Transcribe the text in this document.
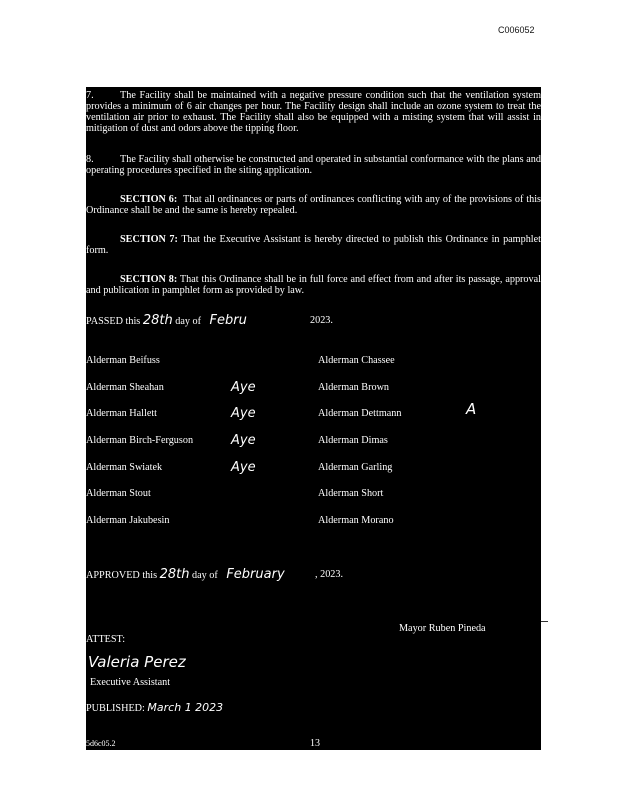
C006052
7.	The Facility shall be maintained with a negative pressure condition such that the ventilation system provides a minimum of 6 air changes per hour. The Facility design shall include an ozone system to treat the ventilation air prior to exhaust. The Facility shall also be equipped with a misting system that will assist in mitigation of dust and odors above the tipping floor.
8.	The Facility shall otherwise be constructed and operated in substantial conformance with the plans and operating procedures specified in the siting application.
SECTION 6: That all ordinances or parts of ordinances conflicting with any of the provisions of this Ordinance shall be and the same is hereby repealed.
SECTION 7: That the Executive Assistant is hereby directed to publish this Ordinance in pamphlet form.
SECTION 8: That this Ordinance shall be in full force and effect from and after its passage, approval and publication in pamphlet form as provided by law.
PASSED this 28th day of Febru	2023.
Alderman Beifuss	Alderman Chassee
Alderman Sheahan	Aye	Alderman Brown
Alderman Hallett	Aye	Alderman Dettmann	A
Alderman Birch-Ferguson	Aye	Alderman Dimas
Alderman Swiatek	Aye	Alderman Garling
Alderman Stout	Alderman Short
Alderman Jakubesin	Alderman Morano
APPROVED this 28th day of February	, 2023.
Mayor Ruben Pineda
ATTEST:
Valeria Perez
Executive Assistant
PUBLISHED: March 1 2023
5d6c05.2	13
